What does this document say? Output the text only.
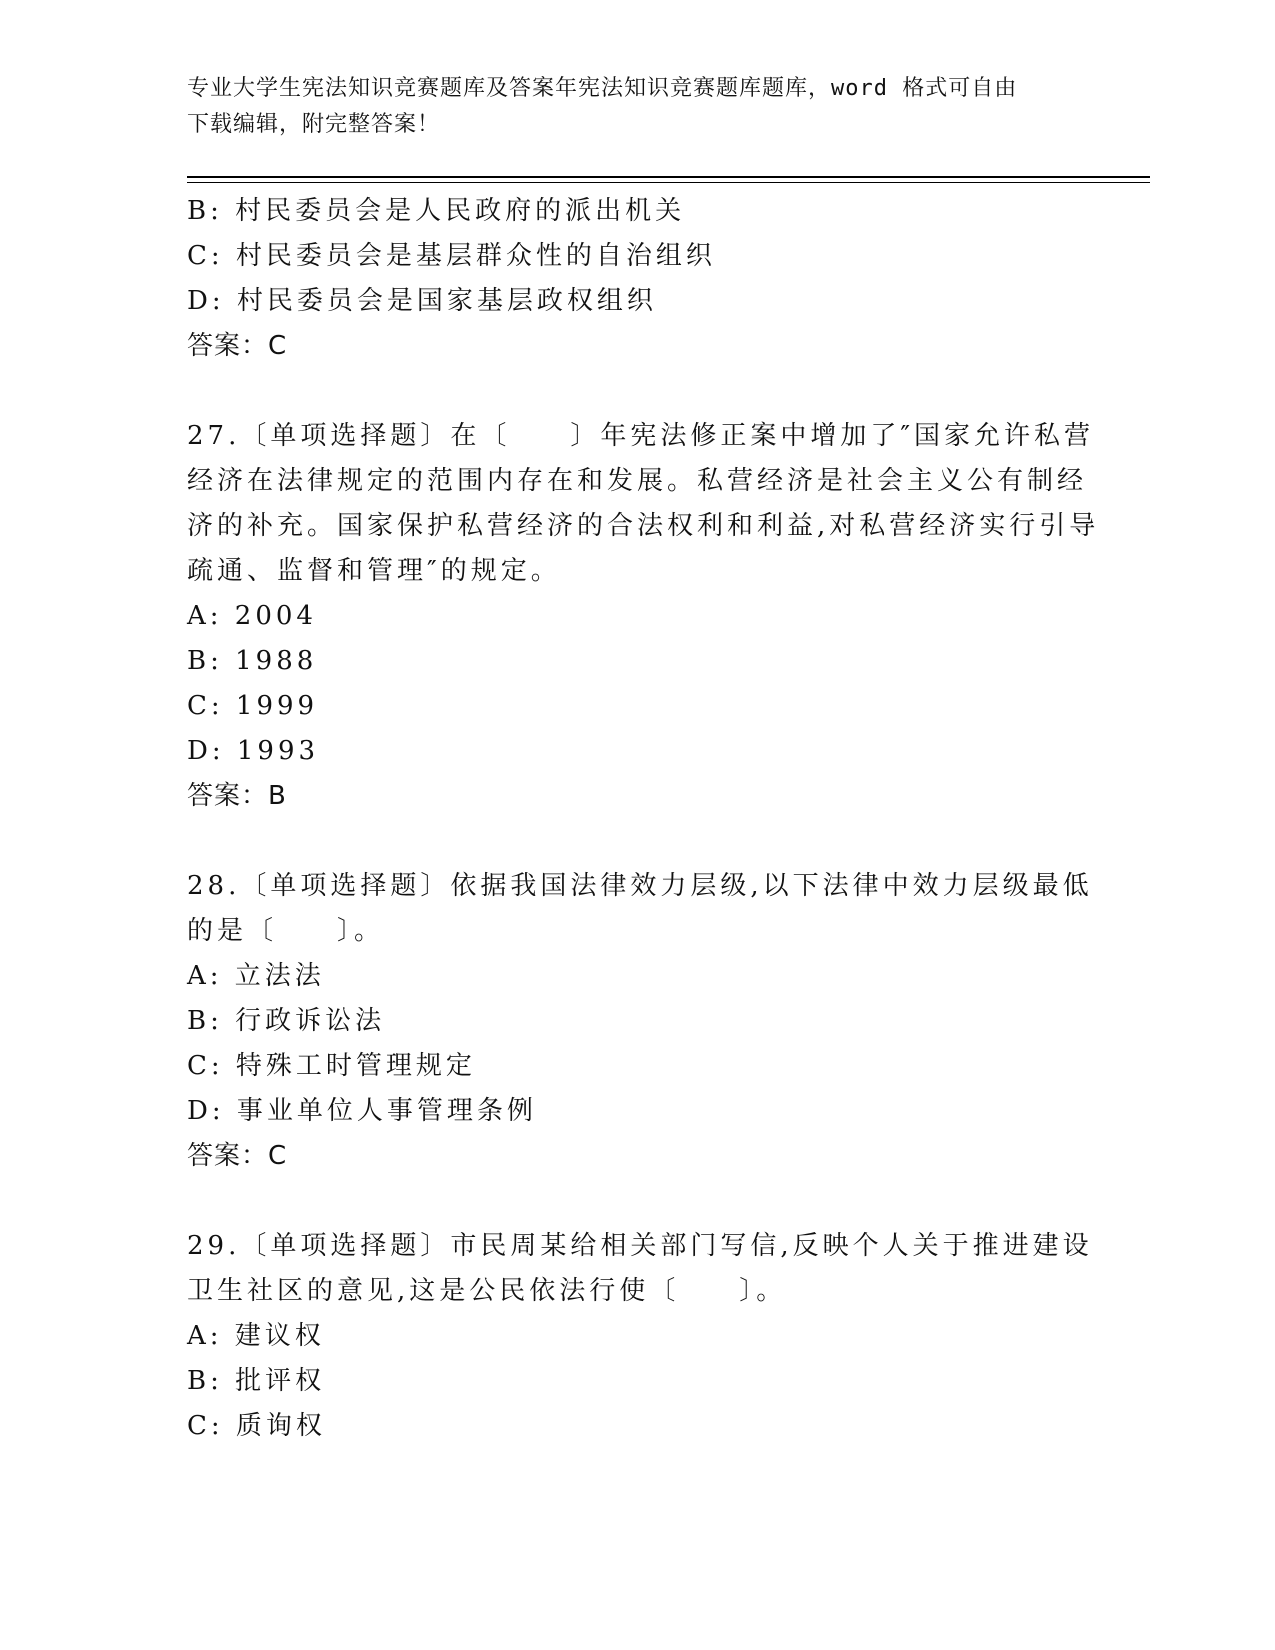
专业大学生宪法知识竞赛题库及答案年宪法知识竞赛题库题库，word 格式可自由
下载编辑，附完整答案！
B: 村民委员会是人民政府的派出机关
C: 村民委员会是基层群众性的自治组织
D: 村民委员会是国家基层政权组织
答案：C
27.〔单项选择题〕在〔　　〕年宪法修正案中增加了″国家允许私营
经济在法律规定的范围内存在和发展。私营经济是社会主义公有制经
济的补充。国家保护私营经济的合法权利和利益,对私营经济实行引导
疏通、监督和管理″的规定。
A: 2004
B: 1988
C: 1999
D: 1993
答案：B
28.〔单项选择题〕依据我国法律效力层级,以下法律中效力层级最低
的是〔　　〕。
A: 立法法
B: 行政诉讼法
C: 特殊工时管理规定
D: 事业单位人事管理条例
答案：C
29.〔单项选择题〕市民周某给相关部门写信,反映个人关于推进建设
卫生社区的意见,这是公民依法行使〔　　〕。
A: 建议权
B: 批评权
C: 质询权
